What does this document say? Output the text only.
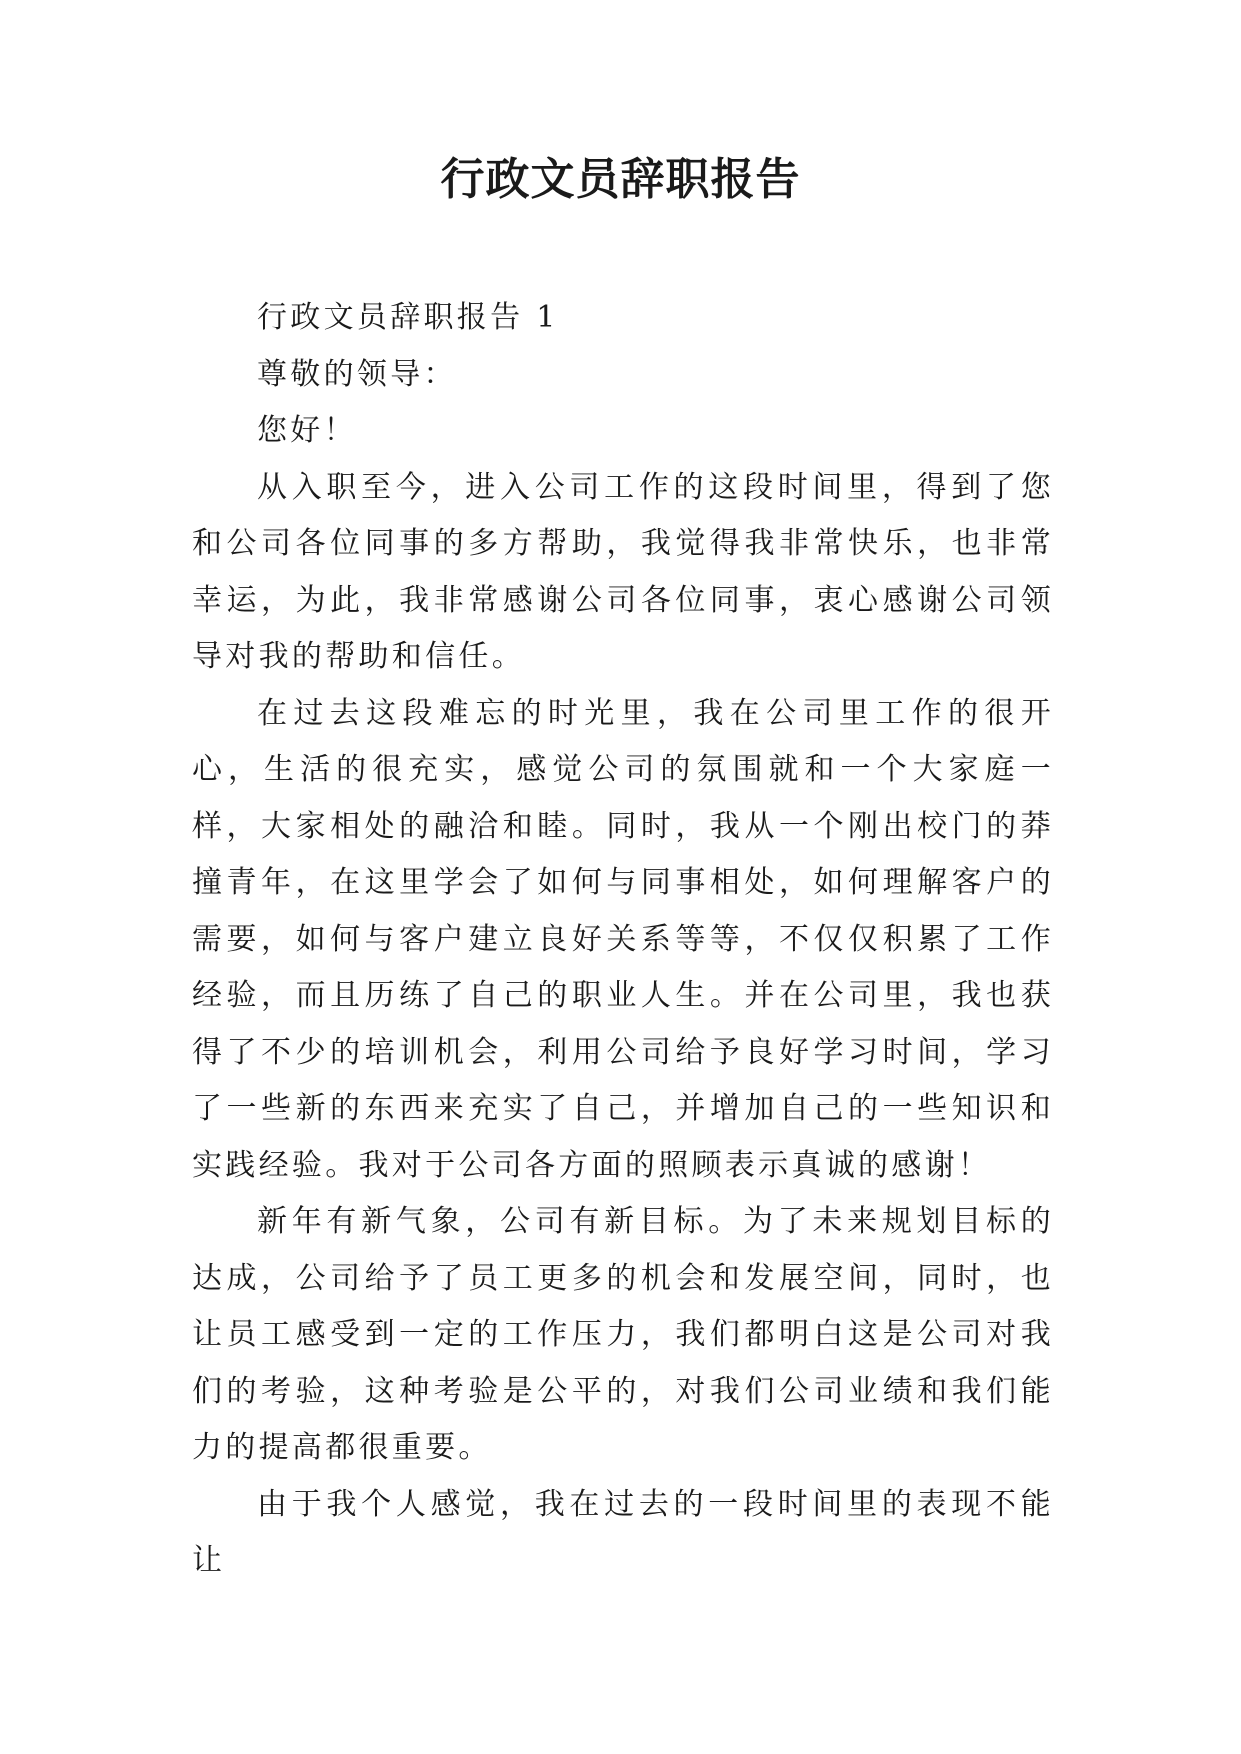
行政文员辞职报告

行政文员辞职报告 1

尊敬的领导：

您好！

从入职至今，进入公司工作的这段时间里，得到了您和公司各位同事的多方帮助，我觉得我非常快乐，也非常幸运，为此，我非常感谢公司各位同事，衷心感谢公司领导对我的帮助和信任。

在过去这段难忘的时光里，我在公司里工作的很开心，生活的很充实，感觉公司的氛围就和一个大家庭一样，大家相处的融洽和睦。同时，我从一个刚出校门的莽撞青年，在这里学会了如何与同事相处，如何理解客户的需要，如何与客户建立良好关系等等，不仅仅积累了工作经验，而且历练了自己的职业人生。并在公司里，我也获得了不少的培训机会，利用公司给予良好学习时间，学习了一些新的东西来充实了自己，并增加自己的一些知识和实践经验。我对于公司各方面的照顾表示真诚的感谢！

新年有新气象，公司有新目标。为了未来规划目标的达成，公司给予了员工更多的机会和发展空间，同时，也让员工感受到一定的工作压力，我们都明白这是公司对我们的考验，这种考验是公平的，对我们公司业绩和我们能力的提高都很重要。

由于我个人感觉，我在过去的一段时间里的表现不能让
